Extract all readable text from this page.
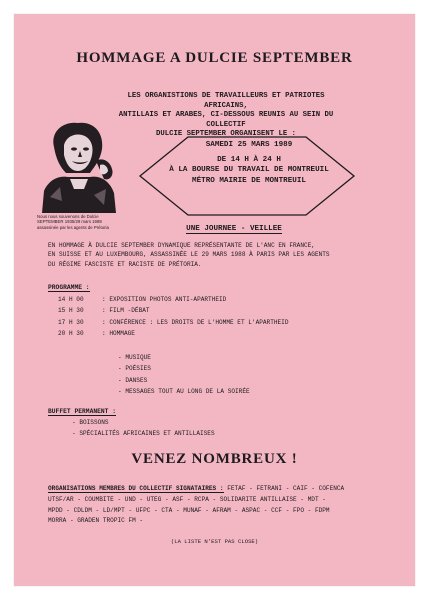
HOMMAGE A DULCIE SEPTEMBER
LES ORGANISTIONS DE TRAVAILLEURS ET PATRIOTES AFRICAINS,
ANTILLAIS ET ARABES, CI-DESSOUS REUNIS AU SEIN DU COLLECTIF
DULCIE SEPTEMBER ORGANISENT LE :
Nous nous souvenons de Dulcie
SEPTEMBER 1935/29 mars 1988
assassinée par les agents de Prétoria
SAMEDI 25 MARS 1989
DE 14 H À 24 H
À LA BOURSE DU TRAVAIL DE MONTREUIL
MÉTRO MAIRIE DE MONTREUIL
UNE JOURNEE - VEILLEE
EN HOMMAGE À DULCIE SEPTEMBER DYNAMIQUE REPRÉSENTANTE DE L'ANC EN FRANCE,
EN SUISSE ET AU LUXEMBOURG, ASSASSINÉE LE 29 MARS 1988 À PARIS PAR LES AGENTS
DU RÉGIME FASCISTE ET RACISTE DE PRÉTORIA.
PROGRAMME :
14 H 00	: EXPOSITION PHOTOS ANTI-APARTHEID
15 H 30	: FILM -DÉBAT
17 H 30	: CONFÉRENCE : LES DROITS DE L'HOMME ET L'APARTHEID
20 H 30	: HOMMAGE
- MUSIQUE
- POÉSIES
- DANSES
- MESSAGES TOUT AU LONG DE LA SOIRÉE
BUFFET PERMANENT :
- BOISSONS
- SPÉCIALITÉS AFRICAINES ET ANTILLAISES
VENEZ NOMBREUX !
ORGANISATIONS MEMBRES DU COLLECTIF SIGNATAIRES : FETAF - FETRANI - CAIF - COFENCA
UTSF/AR - COUMBITE - UND - UTEG - ASF - RCPA - SOLIDARITE ANTILLAISE - MDT -
MPDD - CDLDM - LD/MPT - UFPC - CTA - MUNAF - AFRAM - ASPAC - CCF - FPO - FDPM
MORRA - GRADEN TROPIC FM -
(LA LISTE N'EST PAS CLOSE)
